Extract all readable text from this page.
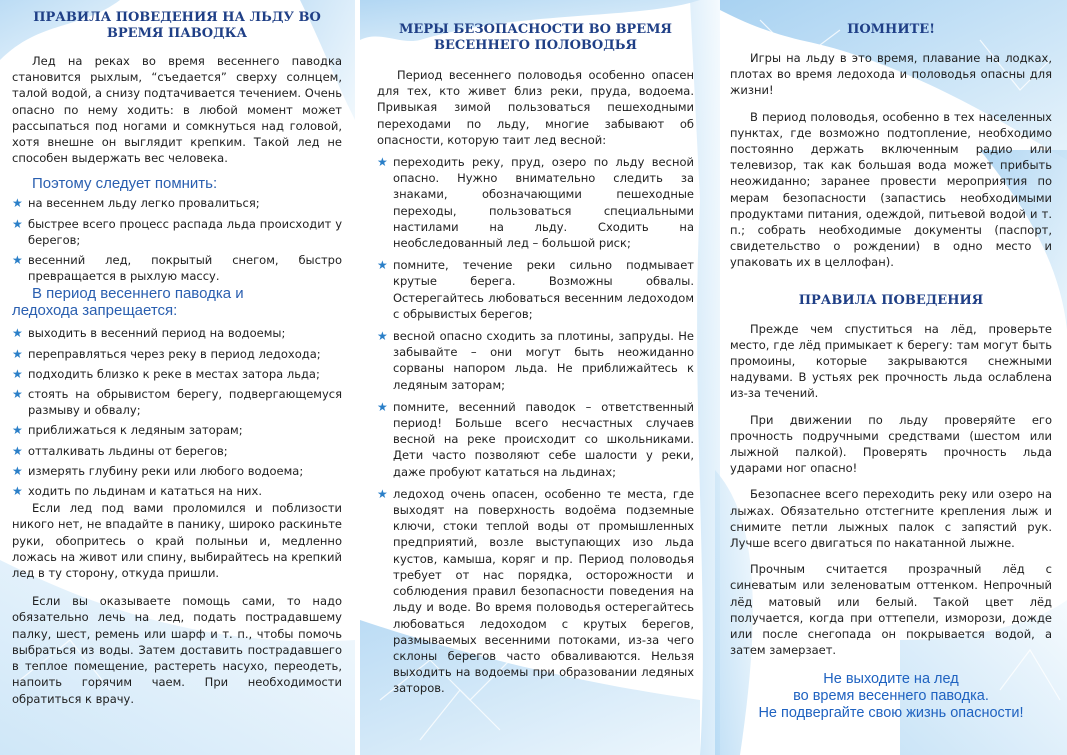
ПРАВИЛА ПОВЕДЕНИЯ НА ЛЬДУ ВО
ВРЕМЯ ПАВОДКА

Лед на реках во время весеннего паводка становится рыхлым, “съедается” сверху солнцем, талой водой, а снизу подтачивается течением. Очень опасно по нему ходить: в любой момент может рассыпаться под ногами и сомкнуться над головой, хотя внешне он выглядит крепким. Такой лед не способен выдержать вес человека.

Поэтому следует помнить:
★ на весеннем льду легко провалиться;
★ быстрее всего процесс распада льда происходит у берегов;
★ весенний лед, покрытый снегом, быстро превращается в рыхлую массу.
В период весеннего паводка и
ледохода запрещается:
★ выходить в весенний период на водоемы;
★ переправляться через реку в период ледохода;
★ подходить близко к реке в местах затора льда;
★ стоять на обрывистом берегу, подвергающемуся размыву и обвалу;
★ приближаться к ледяным заторам;
★ отталкивать льдины от берегов;
★ измерять глубину реки или любого водоема;
★ ходить по льдинам и кататься на них.

Если лед под вами проломился и поблизости никого нет, не впадайте в панику, широко раскиньте руки, обопритесь о край полыньи и, медленно ложась на живот или спину, выбирайтесь на крепкий лед в ту сторону, откуда пришли.

Если вы оказываете помощь сами, то надо обязательно лечь на лед, подать пострадавшему палку, шест, ремень или шарф и т. п., чтобы помочь выбраться из воды. Затем доставить пострадавшего в теплое помещение, растереть насухо, переодеть, напоить горячим чаем. При необходимости обратиться к врачу.

МЕРЫ БЕЗОПАСНОСТИ ВО ВРЕМЯ
ВЕСЕННЕГО ПОЛОВОДЬЯ

Период весеннего половодья особенно опасен для тех, кто живет близ реки, пруда, водоема. Привыкая зимой пользоваться пешеходными переходами по льду, многие забывают об опасности, которую таит лед весной:

★ переходить реку, пруд, озеро по льду весной опасно. Нужно внимательно следить за знаками, обозначающими пешеходные переходы, пользоваться специальными настилами на льду. Сходить на необследованный лед – большой риск;
★ помните, течение реки сильно подмывает крутые берега. Возможны обвалы. Остерегайтесь любоваться весенним ледоходом с обрывистых берегов;
★ весной опасно сходить за плотины, запруды. Не забывайте – они могут быть неожиданно сорваны напором льда. Не приближайтесь к ледяным заторам;
★ помните, весенний паводок – ответственный период! Больше всего несчастных случаев весной на реке происходит со школьниками. Дети часто позволяют себе шалости у реки, даже пробуют кататься на льдинах;
★ ледоход очень опасен, особенно те места, где выходят на поверхность водоёма подземные ключи, стоки теплой воды от промышленных предприятий, возле выступающих изо льда кустов, камыша, коряг и пр. Период половодья требует от нас порядка, осторожности и соблюдения правил безопасности поведения на льду и воде. Во время половодья остерегайтесь любоваться ледоходом с крутых берегов, размываемых весенними потоками, из-за чего склоны берегов часто обваливаются. Нельзя выходить на водоемы при образовании ледяных заторов.
ПОМНИТЕ!

Игры на льду в это время, плавание на лодках, плотах во время ледохода и половодья опасны для жизни!

В период половодья, особенно в тех населенных пунктах, где возможно подтопление, необходимо постоянно держать включенным радио или телевизор, так как большая вода может прибыть неожиданно; заранее провести мероприятия по мерам безопасности (запастись необходимыми продуктами питания, одеждой, питьевой водой и т. п.; собрать необходимые документы (паспорт, свидетельство о рождении) в одно место и упаковать их в целлофан).

ПРАВИЛА ПОВЕДЕНИЯ

Прежде чем спуститься на лёд, проверьте место, где лёд примыкает к берегу: там могут быть промоины, которые закрываются снежными надувами. В устьях рек прочность льда ослаблена из-за течений.

При движении по льду проверяйте его прочность подручными средствами (шестом или лыжной палкой). Проверять прочность льда ударами ног опасно!

Безопаснее всего переходить реку или озеро на лыжах. Обязательно отстегните крепления лыж и снимите петли лыжных палок с запястий рук. Лучше всего двигаться по накатанной лыжне.

Прочным считается прозрачный лёд с синеватым или зеленоватым оттенком. Непрочный лёд матовый или белый. Такой цвет лёд получается, когда при оттепели, изморози, дожде или после снегопада он покрывается водой, а затем замерзает.

Не выходите на лед
во время весеннего паводка.
Не подвергайте свою жизнь опасности!
